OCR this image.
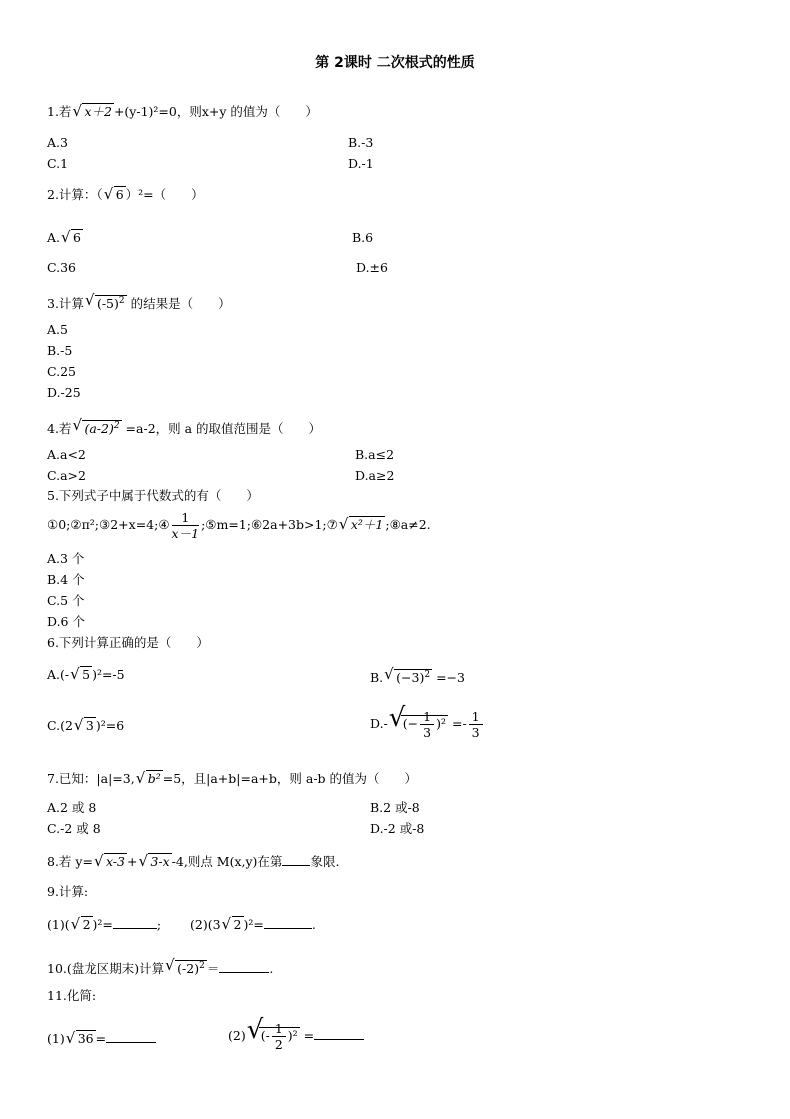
第 2课时 二次根式的性质
1.若 √ x＋2 +(y-1)²=0，则x+y 的值为（　　）
A.3	B.-3
C.1	D.-1
2.计算：（ √ 6 ）²=（　　）
A. √ 6	B.6
C.36	D.±6
3.计算 √ $(-5)^2$ 的结果是（　　）
A.5
B.-5
C.25
D.-25
4.若 √ $(a-2)^2 =a-2$，则 a 的取值范围是（　　）
A.a<2	B.a≤2
C.a>2	D.a≥2
5.下列式子中属于代数式的有（　　）
①0;②π²;③2+x=4;④ $\frac{1}{x-1}$ ;⑤m=1;⑥2a+3b>1;⑦ √ x²＋1 ;⑧a≠2.
A.3 个
B.4 个
C.5 个
D.6 个
6.下列计算正确的是（　　）
A.(- √ 5 )²=-5	B. √ $(-3)^2 =-3$
C.(2 √ 3 )²=6	D.- √
(− $\frac{1}{3} )^2 =- \frac{1}{3}$
7.已知：|a|=3, √ b² =5，且|a+b|=a+b，则 a-b 的值为（　　）
A.2 或 8	B.2 或-8
C.-2 或 8	D.-2 或-8
8.若 y= √ x-3 + √ 3-x -4,则点 M(x,y)在第 象限.
9.计算:
(1)( √ 2 )²=	; (2)(3 √ 2 )²=	.
10.(盘龙区期末)计算 √ $(-2)^2$ ＝	.
11.化简:
(1) √ 36 =	(2) √
(- $\frac{1}{2} )^2$ =
